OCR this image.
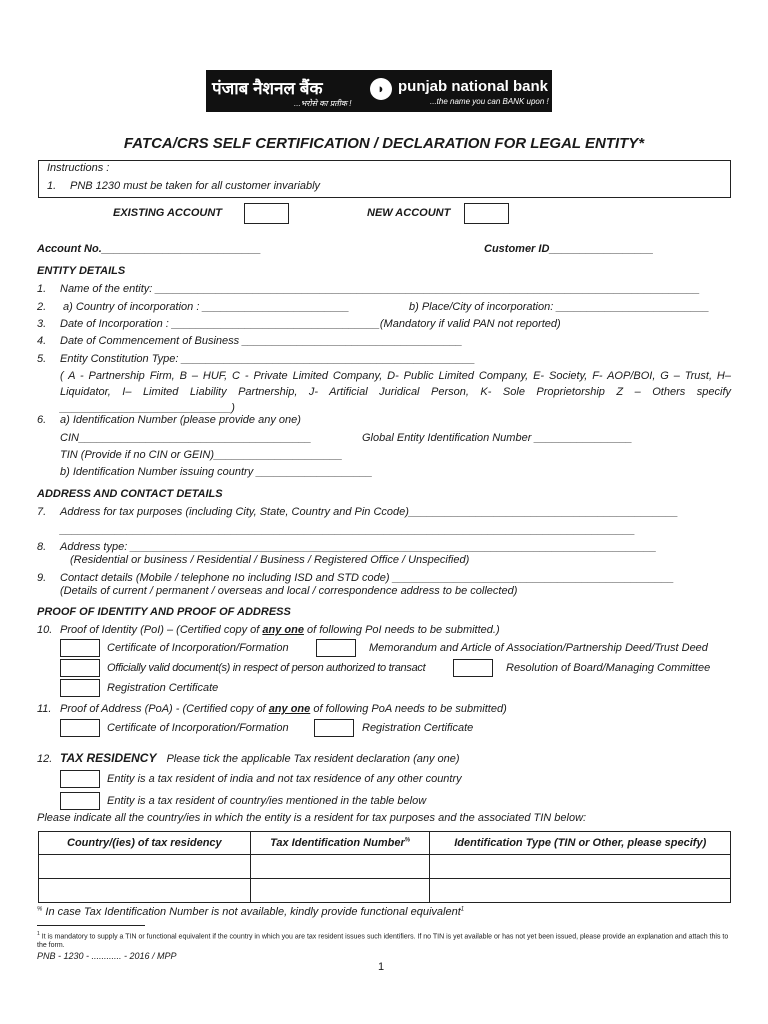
पंजाब नैशनल बैंक
...भरोसे का प्रतीक !
◗ punjab national bank
...the name you can BANK upon !
FATCA/CRS SELF CERTIFICATION / DECLARATION FOR LEGAL ENTITY*
Instructions :
1. PNB 1230 must be taken for all customer invariably
EXISTING ACCOUNT	NEW ACCOUNT
Account No.__________________________	Customer ID_________________
ENTITY DETAILS
1. Name of the entity: _________________________________________________________________________________________
2. a) Country of incorporation : ________________________	b) Place/City of incorporation: _________________________
3. Date of Incorporation : __________________________________(Mandatory if valid PAN not reported)
4. Date of Commencement of Business ____________________________________
5. Entity Constitution Type: ________________________________________________
( A - Partnership Firm, B – HUF, C - Private Limited Company, D- Public Limited Company, E- Society, F- AOP/BOI, G – Trust, H– Liquidator, I– Limited Liability Partnership, J- Artificial Juridical Person, K- Sole Proprietorship Z – Others specify ____________________________)
6. a) Identification Number (please provide any one)
CIN______________________________________	Global Entity Identification Number ________________
TIN (Provide if no CIN or GEIN)_____________________
b) Identification Number issuing country ___________________
ADDRESS AND CONTACT DETAILS
7. Address for tax purposes (including City, State, Country and Pin Ccode)____________________________________________
______________________________________________________________________________________________
8. Address type: ______________________________________________________________________________________
(Residential or business / Residential / Business / Registered Office / Unspecified)
9. Contact details (Mobile / telephone no including ISD and STD code) ______________________________________________
(Details of current / permanent / overseas and local / correspondence address to be collected)
PROOF OF IDENTITY AND PROOF OF ADDRESS
10. Proof of Identity (PoI) – (Certified copy of any one of following PoI needs to be submitted.)
Certificate of Incorporation/Formation	Memorandum and Article of Association/Partnership Deed/Trust Deed
Officially valid document(s) in respect of person authorized to transact	Resolution of Board/Managing Committee
Registration Certificate
11. Proof of Address (PoA) - (Certified copy of any one of following PoA needs to be submitted)
Certificate of Incorporation/Formation	Registration Certificate
12. TAX RESIDENCY Please tick the applicable Tax resident declaration (any one)
Entity is a tax resident of india and not tax residence of any other country
Entity is a tax resident of country/ies mentioned in the table below
Please indicate all the country/ies in which the entity is a resident for tax purposes and the associated TIN below:
Country/(ies) of tax residency	Tax Identification Number%	Identification Type (TIN or Other, please specify)

% In case Tax Identification Number is not available, kindly provide functional equivalent$^1$
$^1$ It is mandatory to supply a TIN or functional equivalent if the country in which you are tax resident issues such identifiers. If no TIN is yet available or has not yet been issued, please provide an explanation and attach this to the form.
PNB - 1230 - ............ - 2016 / MPP
1
